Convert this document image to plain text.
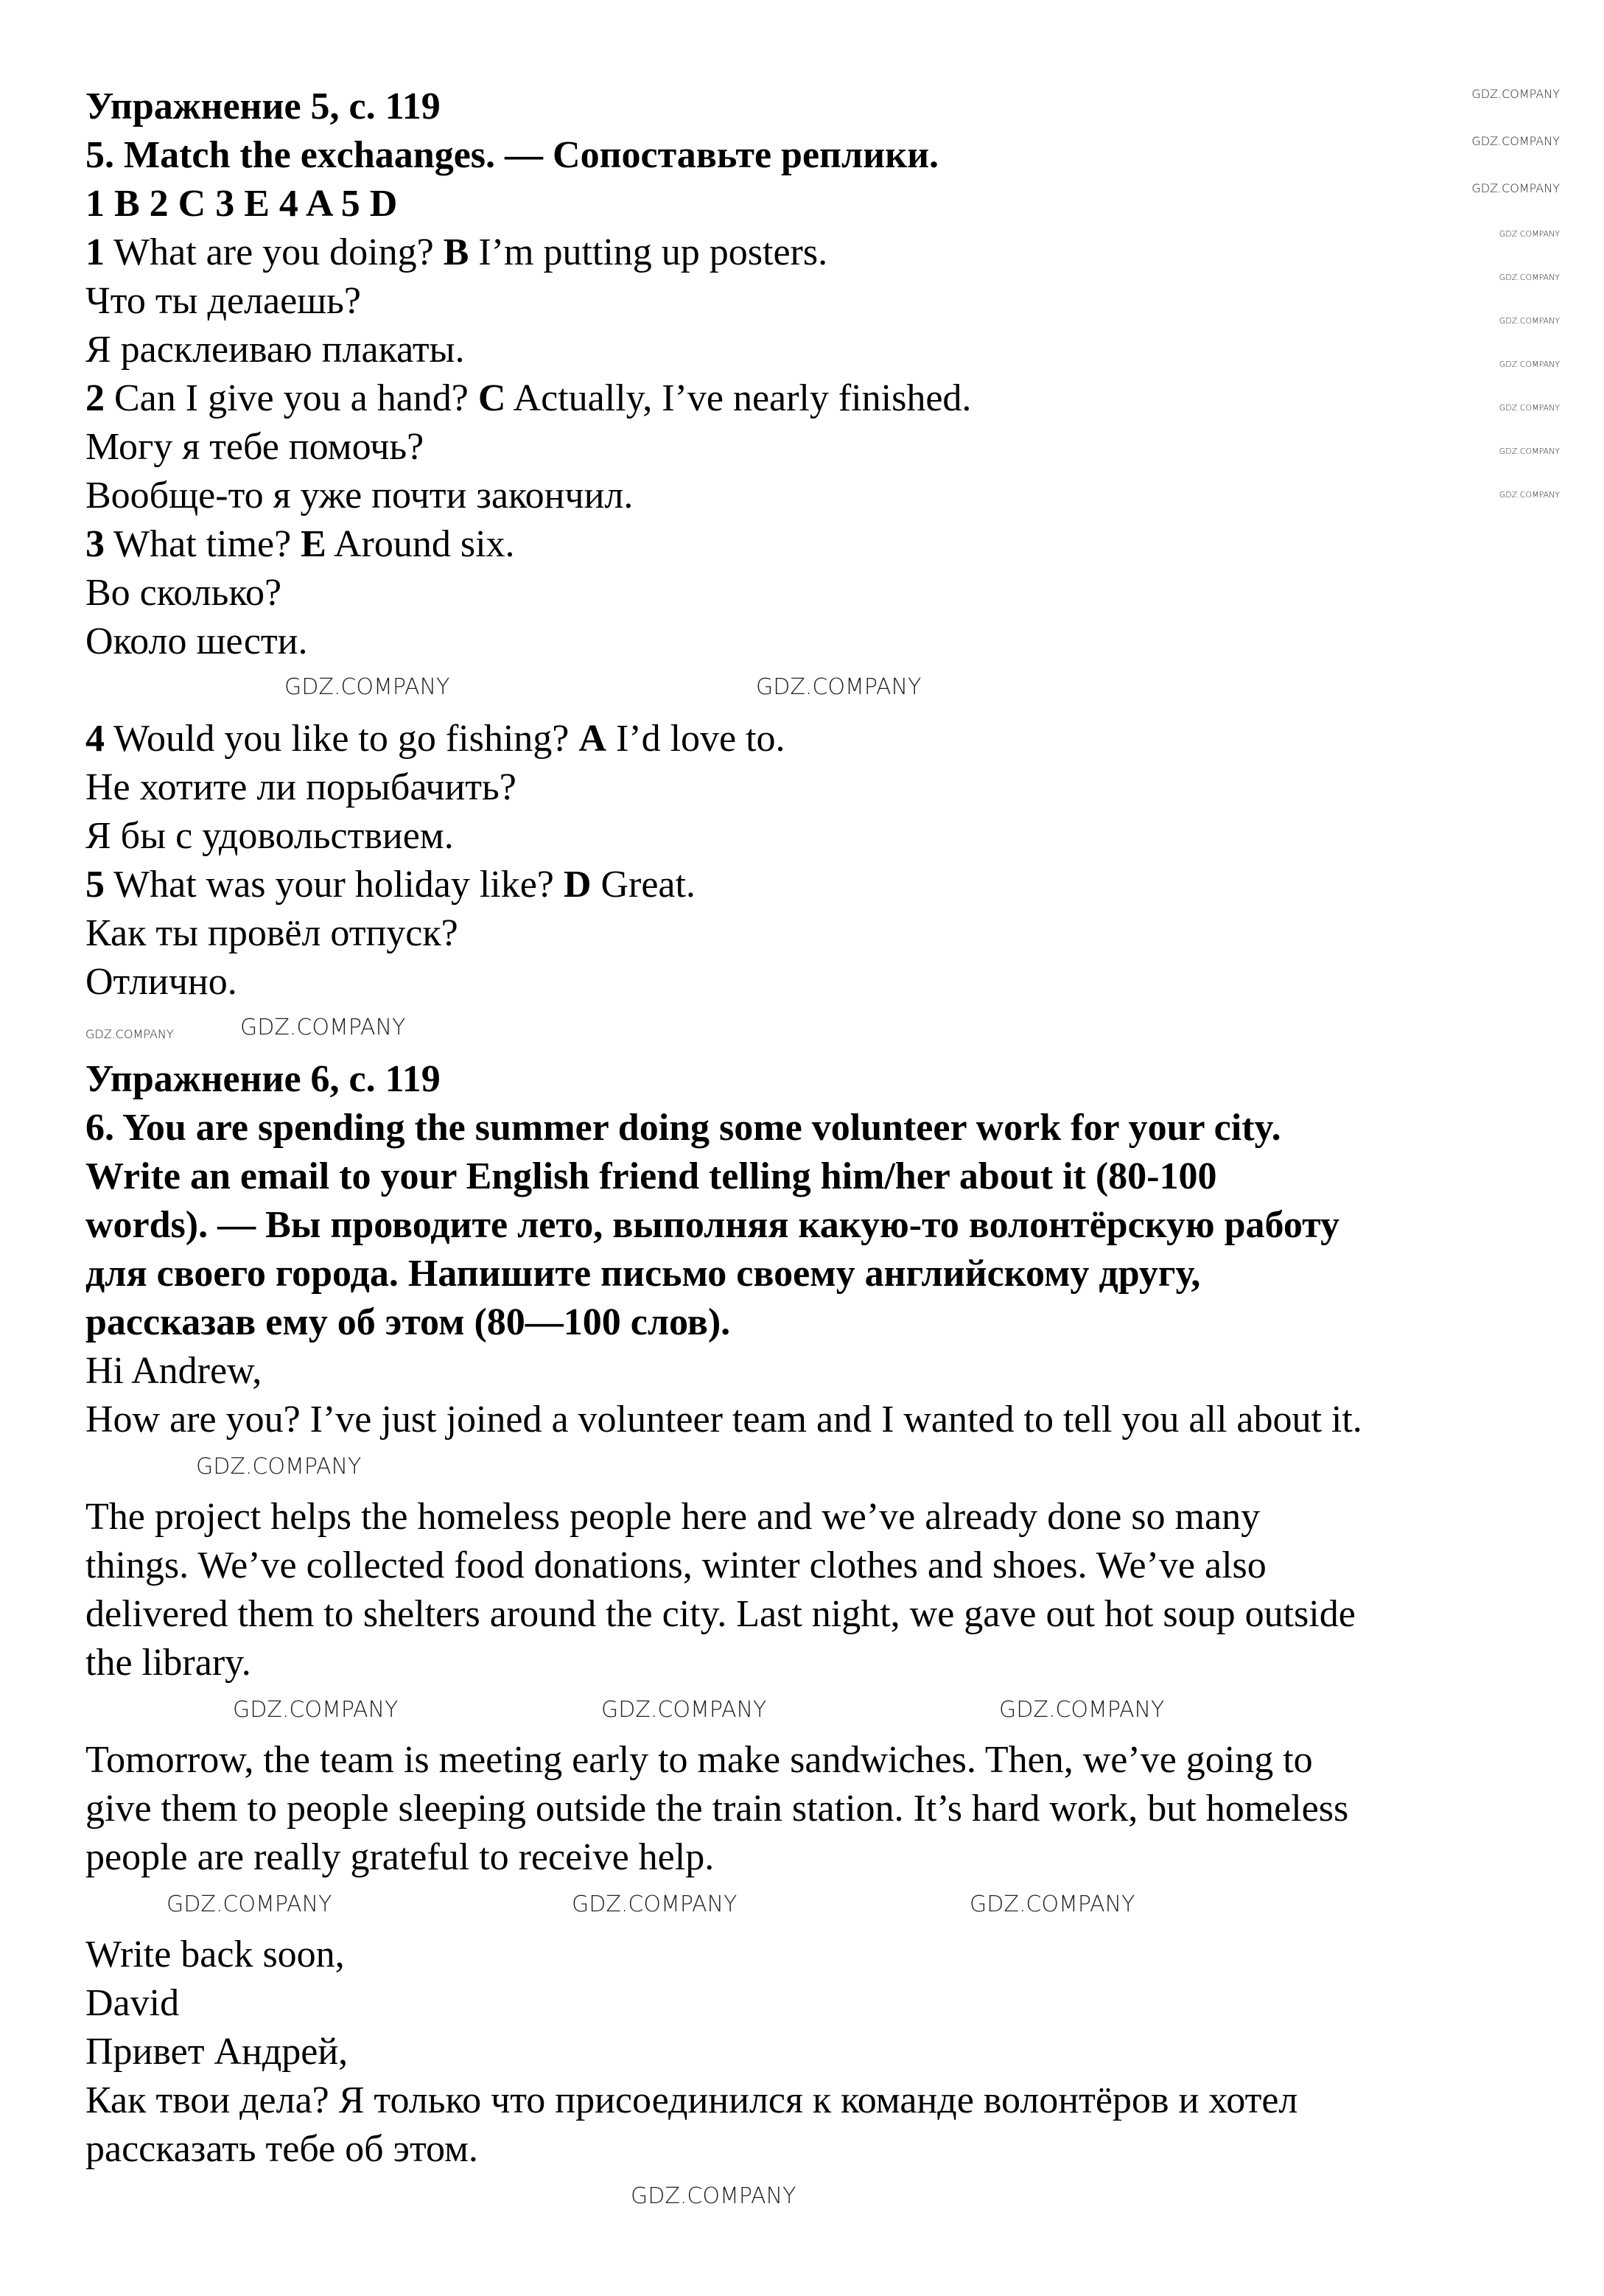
Упражнение 5, с. 119
5. Match the exchaanges. — Сопоставьте реплики.
1 B 2 C 3 E 4 A 5 D
1 What are you doing? B I’m putting up posters.
Что ты делаешь?
Я расклеиваю плакаты.
2 Can I give you a hand? C Actually, I’ve nearly finished.
Могу я тебе помочь?
Вообще-то я уже почти закончил.
3 What time? E Around six.
Во сколько?
Около шести.
GDZ.COMPANY	GDZ.COMPANY
4 Would you like to go fishing? A I’d love to.
Не хотите ли порыбачить?
Я бы с удовольствием.
5 What was your holiday like? D Great.
Как ты провёл отпуск?
Отлично.
GDZ.COMPANY
GDZ.COMPANY
Упражнение 6, с. 119
6. You are spending the summer doing some volunteer work for your city.
Write an email to your English friend telling him/her about it (80-100
words). — Вы проводите лето, выполняя какую-то волонтёрскую работу
для своего города. Напишите письмо своему английскому другу,
рассказав ему об этом (80—100 слов).
Hi Andrew,
How are you? I’ve just joined a volunteer team and I wanted to tell you all about it.
GDZ.COMPANY
The project helps the homeless people here and we’ve already done so many
things. We’ve collected food donations, winter clothes and shoes. We’ve also
delivered them to shelters around the city. Last night, we gave out hot soup outside
the library.
GDZ.COMPANY	GDZ.COMPANY	GDZ.COMPANY
Tomorrow, the team is meeting early to make sandwiches. Then, we’ve going to
give them to people sleeping outside the train station. It’s hard work, but homeless
people are really grateful to receive help.
GDZ.COMPANY	GDZ.COMPANY	GDZ.COMPANY
Write back soon,
David
Привет Андрей,
Как твои дела? Я только что присоединился к команде волонтёров и хотел
рассказать тебе об этом.
GDZ.COMPANY
GDZ.COMPANY
GDZ.COMPANY
GDZ.COMPANY
GDZ.COMPANY
GDZ.COMPANY
GDZ.COMPANY
GDZ.COMPANY
GDZ.COMPANY
GDZ.COMPANY
GDZ.COMPANY
